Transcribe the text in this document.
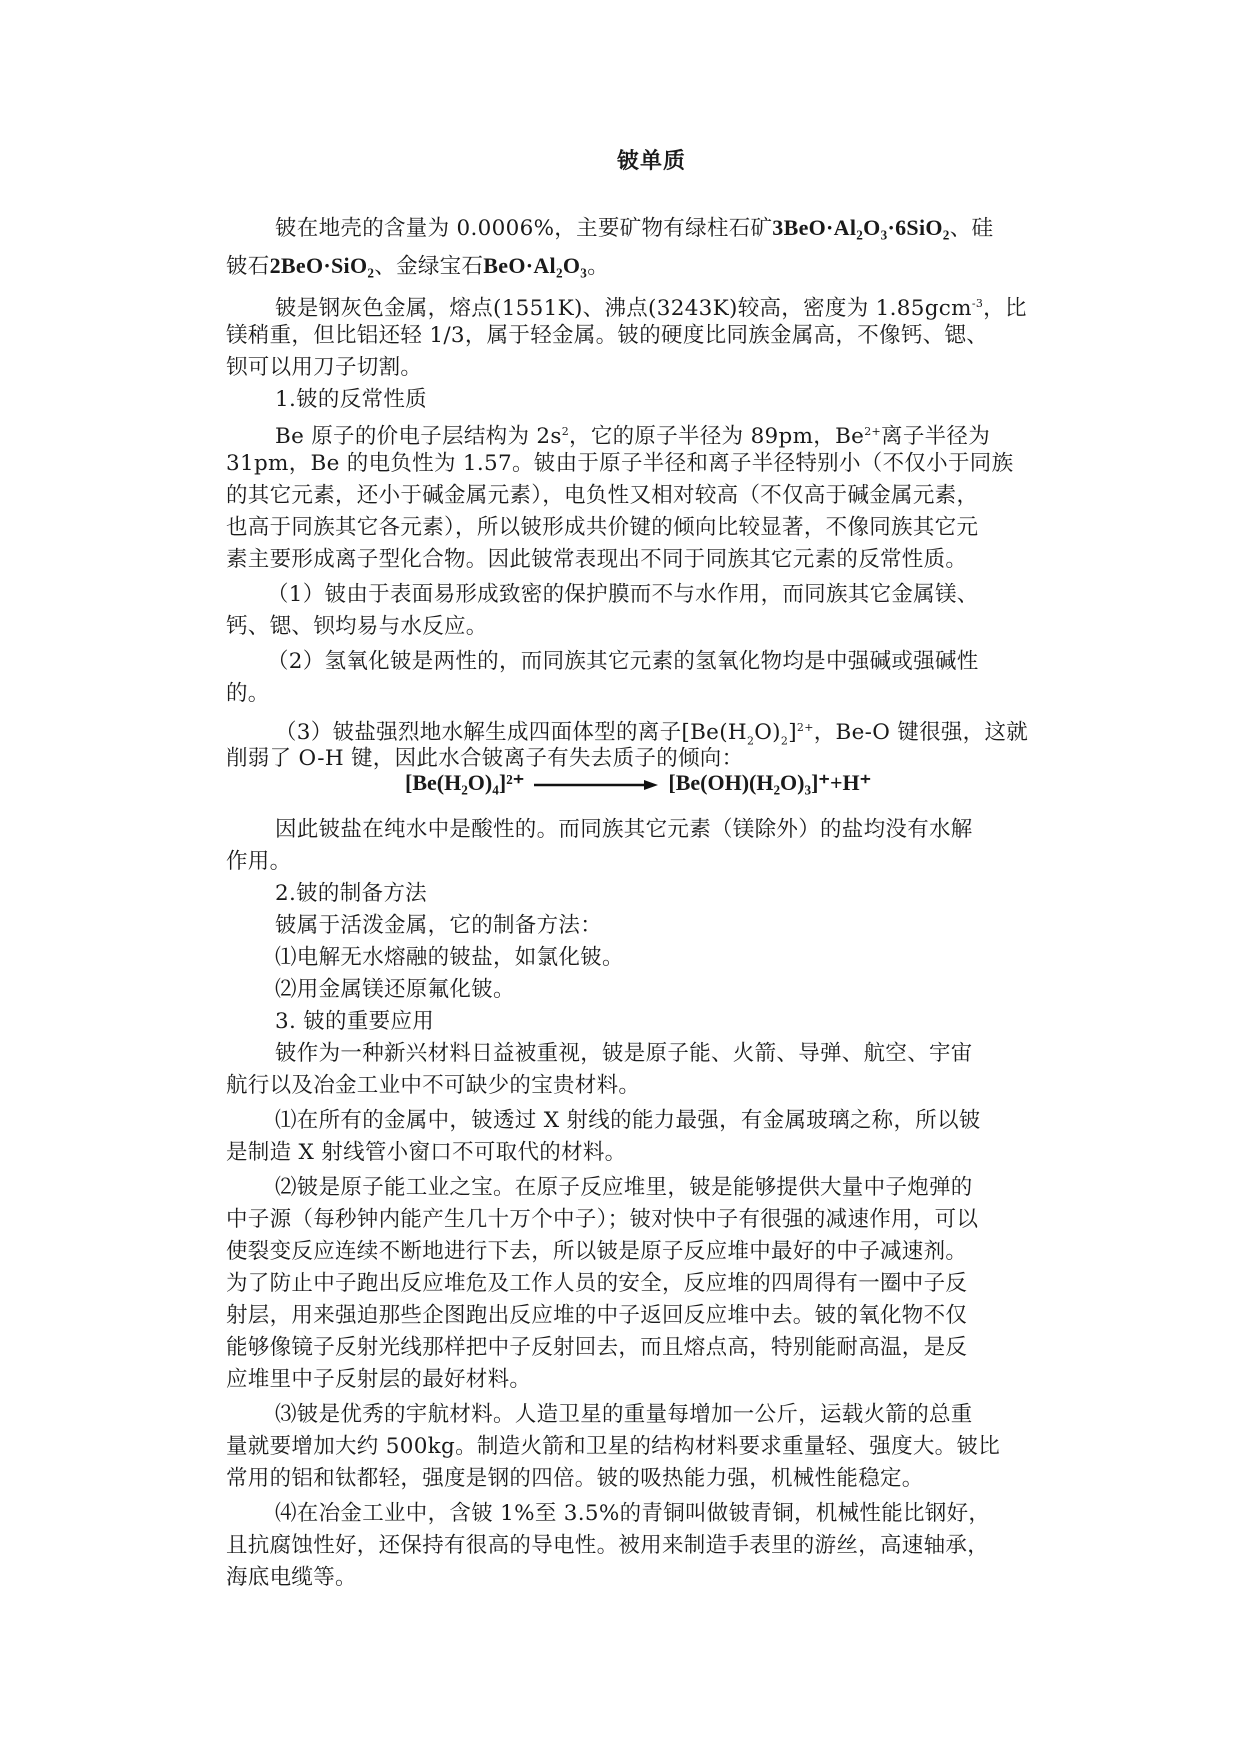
铍单质
铍在地壳的含量为 0.0006%，主要矿物有绿柱石矿3BeO·Al₂O₃·6SiO₂、硅
铍石2BeO·SiO₂、金绿宝石BeO·Al₂O₃。
铍是钢灰色金属，熔点(1551K)、沸点(3243K)较高，密度为 1.85gcm$^{-3}$，比
镁稍重，但比铝还轻 1/3，属于轻金属。铍的硬度比同族金属高，不像钙、锶、
钡可以用刀子切割。
1.铍的反常性质
Be 原子的价电子层结构为 $2s^2$，它的原子半径为 89pm，$Be^{2+}$离子半径为
31pm，Be 的电负性为 1.57。铍由于原子半径和离子半径特别小（不仅小于同族
的其它元素，还小于碱金属元素），电负性又相对较高（不仅高于碱金属元素，
也高于同族其它各元素），所以铍形成共价键的倾向比较显著，不像同族其它元
素主要形成离子型化合物。因此铍常表现出不同于同族其它元素的反常性质。
（1）铍由于表面易形成致密的保护膜而不与水作用，而同族其它金属镁、
钙、锶、钡均易与水反应。
（2）氢氧化铍是两性的，而同族其它元素的氢氧化物均是中强碱或强碱性
的。
（3）铍盐强烈地水解生成四面体型的离子$[Be(H_2O)_2]^{2+}$，Be-O 键很强，这就
削弱了 O-H 键，因此水合铍离子有失去质子的倾向：
[Be(H₂O)₄]²⁺	[Be(OH)(H₂O)₃]⁺+H⁺
因此铍盐在纯水中是酸性的。而同族其它元素（镁除外）的盐均没有水解
作用。
2.铍的制备方法
铍属于活泼金属，它的制备方法：
⑴电解无水熔融的铍盐，如氯化铍。
⑵用金属镁还原氟化铍。
3. 铍的重要应用
铍作为一种新兴材料日益被重视，铍是原子能、火箭、导弹、航空、宇宙
航行以及冶金工业中不可缺少的宝贵材料。
⑴在所有的金属中，铍透过 X 射线的能力最强，有金属玻璃之称，所以铍
是制造 X 射线管小窗口不可取代的材料。
⑵铍是原子能工业之宝。在原子反应堆里，铍是能够提供大量中子炮弹的
中子源（每秒钟内能产生几十万个中子）；铍对快中子有很强的减速作用，可以
使裂变反应连续不断地进行下去，所以铍是原子反应堆中最好的中子减速剂。
为了防止中子跑出反应堆危及工作人员的安全，反应堆的四周得有一圈中子反
射层，用来强迫那些企图跑出反应堆的中子返回反应堆中去。铍的氧化物不仅
能够像镜子反射光线那样把中子反射回去，而且熔点高，特别能耐高温，是反
应堆里中子反射层的最好材料。
⑶铍是优秀的宇航材料。人造卫星的重量每增加一公斤，运载火箭的总重
量就要增加大约 500kg。制造火箭和卫星的结构材料要求重量轻、强度大。铍比
常用的铝和钛都轻，强度是钢的四倍。铍的吸热能力强，机械性能稳定。
⑷在冶金工业中，含铍 1%至 3.5%的青铜叫做铍青铜，机械性能比钢好，
且抗腐蚀性好，还保持有很高的导电性。被用来制造手表里的游丝，高速轴承，
海底电缆等。
